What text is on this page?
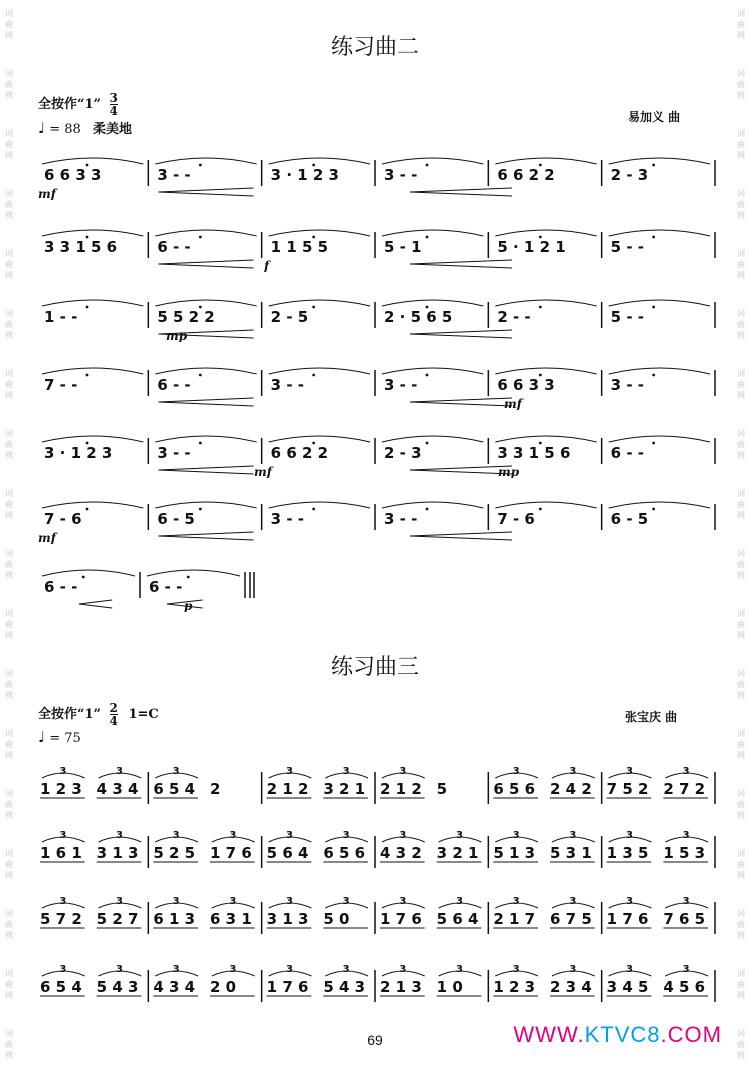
词
曲
网
词
曲
网
词
曲
网
词
曲
网
词
曲
网
词
曲
网
词
曲
网
词
曲
网
词
曲
网
词
曲
网
词
曲
网
词
曲
网
词
曲
网
词
曲
网
词
曲
网
词
曲
网
词
曲
网
词
曲
网
词
曲
网
词
曲
网
词
曲
网
词
曲
网
词
曲
网
词
曲
网
词
曲
网
词
曲
网
词
曲
网
词
曲
网
词
曲
网
词
曲
网
词
曲
网
词
曲
网
词
曲
网
词
曲
网
词
曲
网
词
曲
网
练习曲二
全按作“1” $\frac{3}{4}$
♩ = 88 柔美地
易加义 曲
6 6 3 3	3 - -	3 · 1 2 3	3 - -	6 6 2 2	2 - 3
mf
3 3 1 5 6	6 - -	1 1 5 5	5 - 1	5 · 1 2 1	5 - -
f
1 - -	5 5 2 2	2 - 5	2 · 5 6 5	2 - -	5 - -
mp
7 - -	6 - -	3 - -	3 - -	6 6 3 3	3 - -
mf
3 · 1 2 3	3 - -	6 6 2 2	2 - 3	3 3 1 5 6	6 - -
mf	mp
7 - 6	6 - 5	3 - -	3 - -	7 - 6	6 - 5
mf
6 - -	6 - -
p
练习曲三
全按作“1” $\frac{2}{4} 1=C$
♩ = 75
张宝庆 曲
3
1 2 3
3
4 3 4
3
6 5 4 2
3
2 1 2
3
3 2 1
3
2 1 2 5
3
6 5 6
3
2 4 2
3
7 5 2
3
2 7 2
3
1 6 1
3
3 1 3
3
5 2 5
3
1 7 6
3
5 6 4
3
6 5 6
3
4 3 2
3
3 2 1
3
5 1 3
3
5 3 1
3
1 3 5
3
1 5 3
3
5 7 2
3
5 2 7
3
6 1 3
3
6 3 1
3
3 1 3
3
5 0
3
1 7 6
3
5 6 4
3
2 1 7
3
6 7 5
3
1 7 6
3
7 6 5
3
6 5 4
3
5 4 3
3
4 3 4
3
2 0
3
1 7 6
3
5 4 3
3
2 1 3
3
1 0
3
1 2 3
3
2 3 4
3
3 4 5
3
4 5 6
69	WWW.KTVC8.COM
